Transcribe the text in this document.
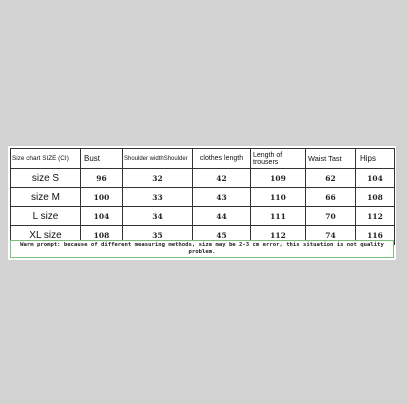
Size chart SIZE (CI)	Bust	Shoulder widthShoulder	clothes length	Length of trousers	Waist Tast	Hips
size S	96	32	42	109	62	104
size M	100	33	43	110	66	108
L size	104	34	44	111	70	112
XL size	108	35	45	112	74	116
Warm prompt: because of different measuring methods, size may be 2-3 cm error, this situation is not quality problem.
